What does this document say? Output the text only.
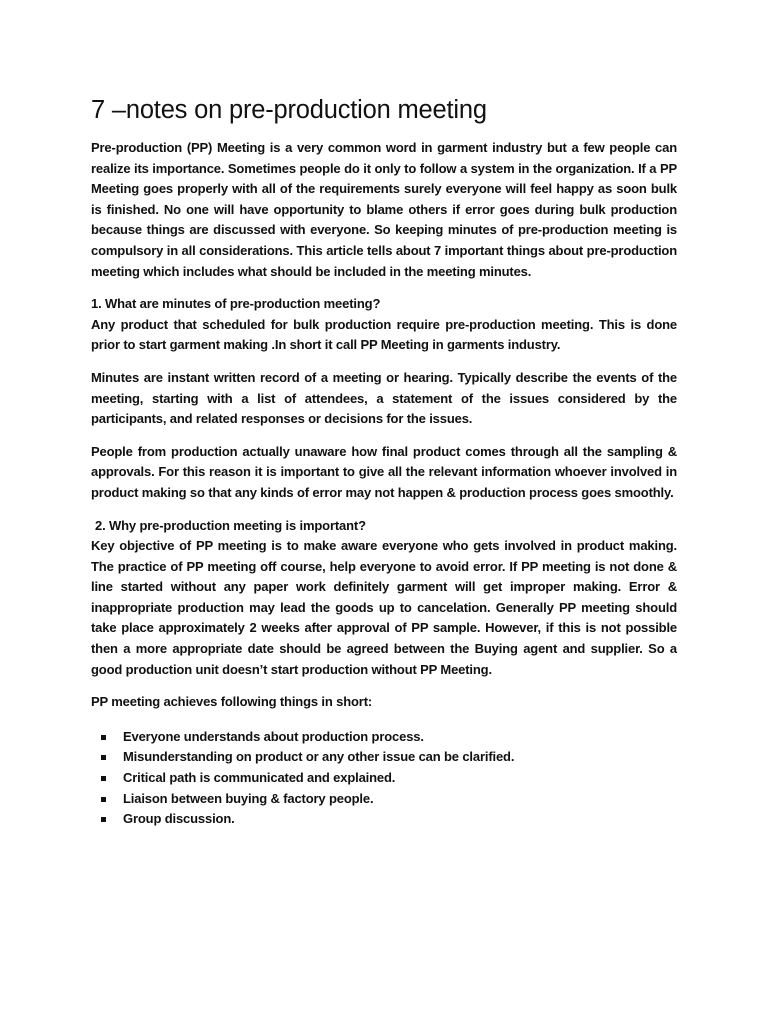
7 –notes on pre-production meeting

Pre-production (PP) Meeting is a very common word in garment industry but a few people can realize its importance. Sometimes people do it only to follow a system in the organization. If a PP Meeting goes properly with all of the requirements surely everyone will feel happy as soon bulk is finished. No one will have opportunity to blame others if error goes during bulk production because things are discussed with everyone. So keeping minutes of pre-production meeting is compulsory in all considerations. This article tells about 7 important things about pre-production meeting which includes what should be included in the meeting minutes.

1. What are minutes of pre-production meeting?
Any product that scheduled for bulk production require pre-production meeting. This is done prior to start garment making .In short it call PP Meeting in garments industry.

Minutes are instant written record of a meeting or hearing. Typically describe the events of the meeting, starting with a list of attendees, a statement of the issues considered by the participants, and related responses or decisions for the issues.

People from production actually unaware how final product comes through all the sampling & approvals. For this reason it is important to give all the relevant information whoever involved in product making so that any kinds of error may not happen & production process goes smoothly.

2. Why pre-production meeting is important?
Key objective of PP meeting is to make aware everyone who gets involved in product making. The practice of PP meeting off course, help everyone to avoid error. If PP meeting is not done & line started without any paper work definitely garment will get improper making. Error & inappropriate production may lead the goods up to cancelation. Generally PP meeting should take place approximately 2 weeks after approval of PP sample. However, if this is not possible then a more appropriate date should be agreed between the Buying agent and supplier. So a good production unit doesn’t start production without PP Meeting.

PP meeting achieves following things in short:

Everyone understands about production process.
Misunderstanding on product or any other issue can be clarified.
Critical path is communicated and explained.
Liaison between buying & factory people.
Group discussion.
